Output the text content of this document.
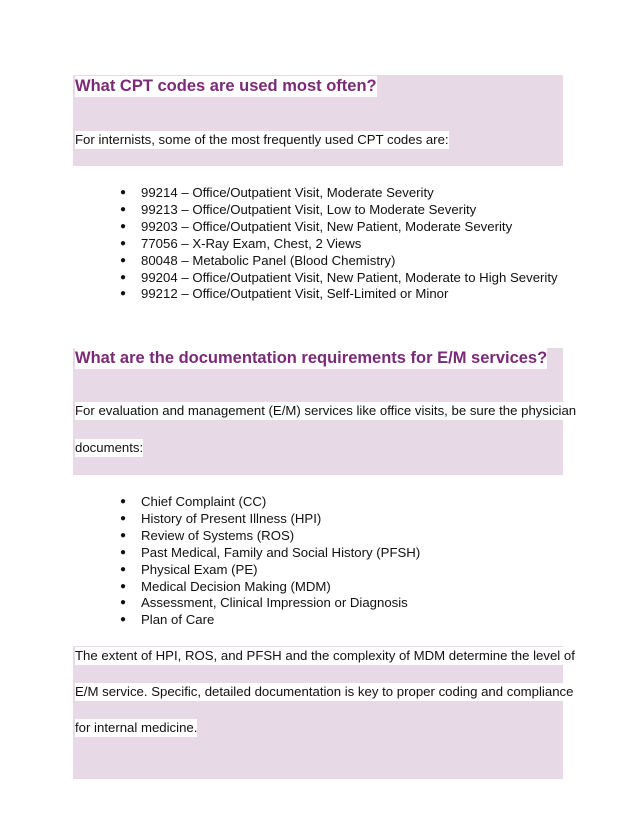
What CPT codes are used most often?

For internists, some of the most frequently used CPT codes are:

● 99214 – Office/Outpatient Visit, Moderate Severity
● 99213 – Office/Outpatient Visit, Low to Moderate Severity
● 99203 – Office/Outpatient Visit, New Patient, Moderate Severity
● 77056 – X-Ray Exam, Chest, 2 Views
● 80048 – Metabolic Panel (Blood Chemistry)
● 99204 – Office/Outpatient Visit, New Patient, Moderate to High Severity
● 99212 – Office/Outpatient Visit, Self-Limited or Minor
What are the documentation requirements for E/M services?

For evaluation and management (E/M) services like office visits, be sure the physician

documents:

● Chief Complaint (CC)
● History of Present Illness (HPI)
● Review of Systems (ROS)
● Past Medical, Family and Social History (PFSH)
● Physical Exam (PE)
● Medical Decision Making (MDM)
● Assessment, Clinical Impression or Diagnosis
● Plan of Care

The extent of HPI, ROS, and PFSH and the complexity of MDM determine the level of

E/M service. Specific, detailed documentation is key to proper coding and compliance

for internal medicine.
